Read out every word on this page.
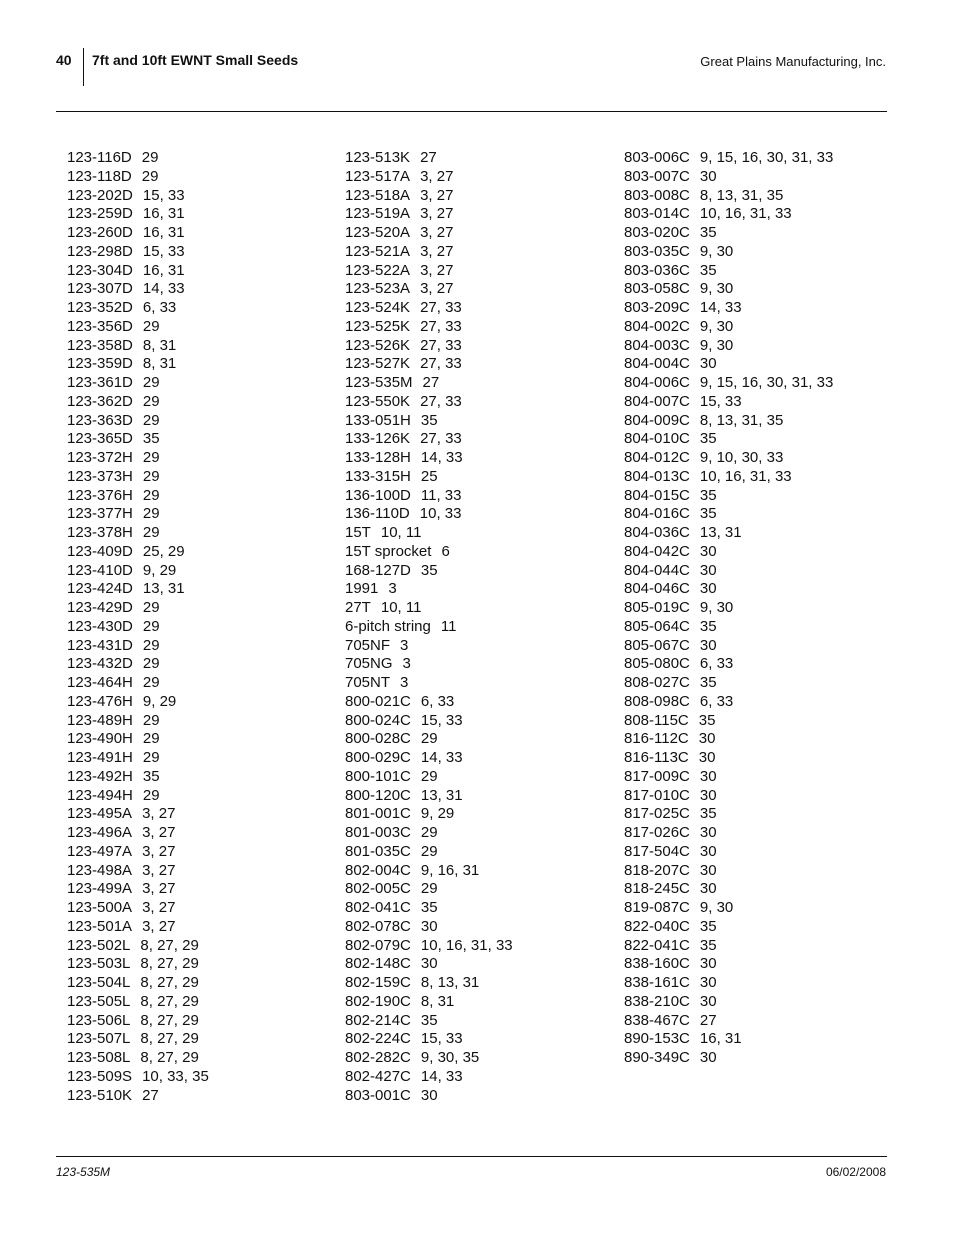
40 7ft and 10ft EWNT Small Seeds	Great Plains Manufacturing, Inc.
123-116D 29
123-118D 29
123-202D 15, 33
123-259D 16, 31
123-260D 16, 31
123-298D 15, 33
123-304D 16, 31
123-307D 14, 33
123-352D 6, 33
123-356D 29
123-358D 8, 31
123-359D 8, 31
123-361D 29
123-362D 29
123-363D 29
123-365D 35
123-372H 29
123-373H 29
123-376H 29
123-377H 29
123-378H 29
123-409D 25, 29
123-410D 9, 29
123-424D 13, 31
123-429D 29
123-430D 29
123-431D 29
123-432D 29
123-464H 29
123-476H 9, 29
123-489H 29
123-490H 29
123-491H 29
123-492H 35
123-494H 29
123-495A 3, 27
123-496A 3, 27
123-497A 3, 27
123-498A 3, 27
123-499A 3, 27
123-500A 3, 27
123-501A 3, 27
123-502L 8, 27, 29
123-503L 8, 27, 29
123-504L 8, 27, 29
123-505L 8, 27, 29
123-506L 8, 27, 29
123-507L 8, 27, 29
123-508L 8, 27, 29
123-509S 10, 33, 35
123-510K 27
123-513K 27
123-517A 3, 27
123-518A 3, 27
123-519A 3, 27
123-520A 3, 27
123-521A 3, 27
123-522A 3, 27
123-523A 3, 27
123-524K 27, 33
123-525K 27, 33
123-526K 27, 33
123-527K 27, 33
123-535M 27
123-550K 27, 33
133-051H 35
133-126K 27, 33
133-128H 14, 33
133-315H 25
136-100D 11, 33
136-110D 10, 33
15T 10, 11
15T sprocket 6
168-127D 35
1991 3
27T 10, 11
6-pitch string 11
705NF 3
705NG 3
705NT 3
800-021C 6, 33
800-024C 15, 33
800-028C 29
800-029C 14, 33
800-101C 29
800-120C 13, 31
801-001C 9, 29
801-003C 29
801-035C 29
802-004C 9, 16, 31
802-005C 29
802-041C 35
802-078C 30
802-079C 10, 16, 31, 33
802-148C 30
802-159C 8, 13, 31
802-190C 8, 31
802-214C 35
802-224C 15, 33
802-282C 9, 30, 35
802-427C 14, 33
803-001C 30
803-006C 9, 15, 16, 30, 31, 33
803-007C 30
803-008C 8, 13, 31, 35
803-014C 10, 16, 31, 33
803-020C 35
803-035C 9, 30
803-036C 35
803-058C 9, 30
803-209C 14, 33
804-002C 9, 30
804-003C 9, 30
804-004C 30
804-006C 9, 15, 16, 30, 31, 33
804-007C 15, 33
804-009C 8, 13, 31, 35
804-010C 35
804-012C 9, 10, 30, 33
804-013C 10, 16, 31, 33
804-015C 35
804-016C 35
804-036C 13, 31
804-042C 30
804-044C 30
804-046C 30
805-019C 9, 30
805-064C 35
805-067C 30
805-080C 6, 33
808-027C 35
808-098C 6, 33
808-115C 35
816-112C 30
816-113C 30
817-009C 30
817-010C 30
817-025C 35
817-026C 30
817-504C 30
818-207C 30
818-245C 30
819-087C 9, 30
822-040C 35
822-041C 35
838-160C 30
838-161C 30
838-210C 30
838-467C 27
890-153C 16, 31
890-349C 30
123-535M	06/02/2008
